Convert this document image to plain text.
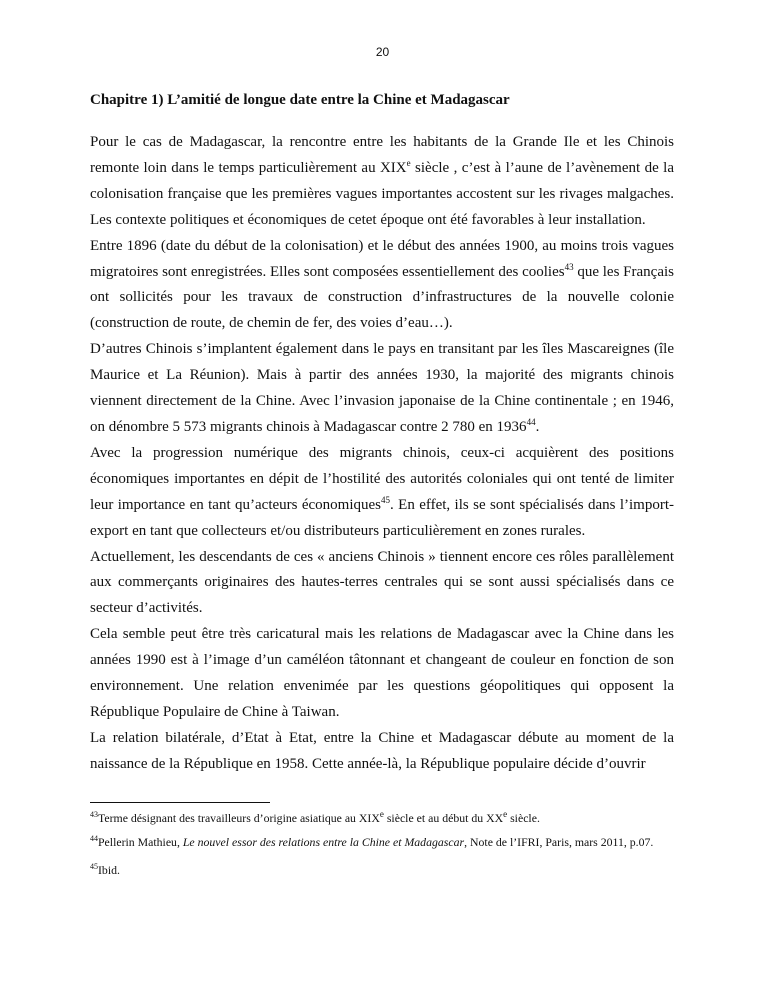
20
Chapitre 1) L’amitié de longue date entre la Chine et Madagascar

Pour le cas de Madagascar, la rencontre entre les habitants de la Grande Ile et les Chinois remonte loin dans le temps particulièrement au XIXe siècle , c’est à l’aune de l’avènement de la colonisation française que les premières vagues importantes accostent sur les rivages malgaches. Les contexte politiques et économiques de cetet époque ont été favorables à leur installation.

Entre 1896 (date du début de la colonisation) et le début des années 1900, au moins trois vagues migratoires sont enregistrées. Elles sont composées essentiellement des coolies$^{43}$ que les Français ont sollicités pour les travaux de construction d’infrastructures de la nouvelle colonie (construction de route, de chemin de fer, des voies d’eau…).

D’autres Chinois s’implantent également dans le pays en transitant par les îles Mascareignes (île Maurice et La Réunion). Mais à partir des années 1930, la majorité des migrants chinois viennent directement de la Chine. Avec l’invasion japonaise de la Chine continentale ; en 1946, on dénombre 5 573 migrants chinois à Madagascar contre 2 780 en 1936$^{44}$.

Avec la progression numérique des migrants chinois, ceux-ci acquièrent des positions économiques importantes en dépit de l’hostilité des autorités coloniales qui ont tenté de limiter leur importance en tant qu’acteurs économiques$^{45}$. En effet, ils se sont spécialisés dans l’import-export en tant que collecteurs et/ou distributeurs particulièrement en zones rurales.

Actuellement, les descendants de ces « anciens Chinois » tiennent encore ces rôles parallèlement aux commerçants originaires des hautes-terres centrales qui se sont aussi spécialisés dans ce secteur d’activités.

Cela semble peut être très caricatural mais les relations de Madagascar avec la Chine dans les années 1990 est à l’image d’un caméléon tâtonnant et changeant de couleur en fonction de son environnement. Une relation envenimée par les questions géopolitiques qui opposent la République Populaire de Chine à Taiwan.

La relation bilatérale, d’Etat à Etat, entre la Chine et Madagascar débute au moment de la naissance de la République en 1958. Cette année-là, la République populaire décide d’ouvrir

$^{43}$Terme désignant des travailleurs d’origine asiatique au XIXe siècle et au début du XXe siècle.
$^{44}$Pellerin Mathieu, Le nouvel essor des relations entre la Chine et Madagascar, Note de l’IFRI, Paris, mars 2011, p.07.
$^{45}$Ibid.
